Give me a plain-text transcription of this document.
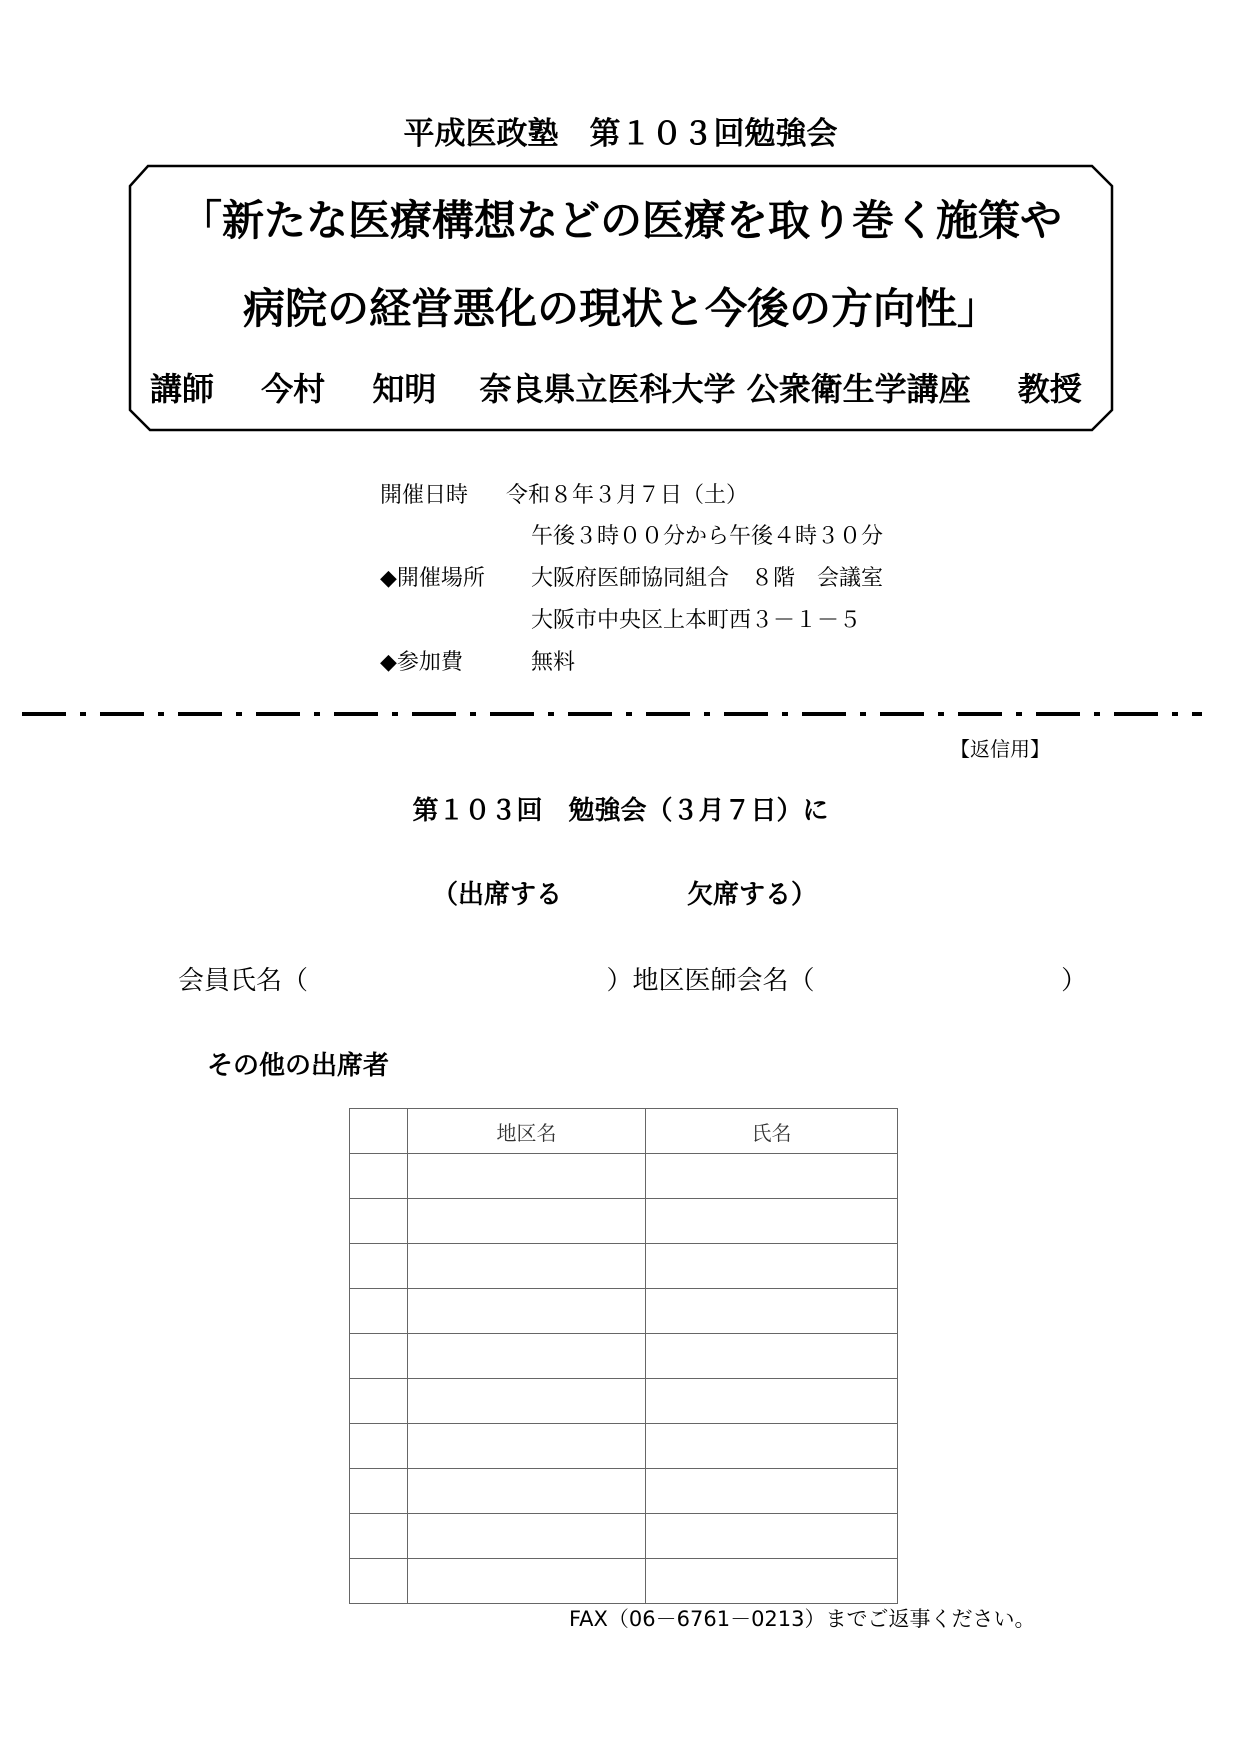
平成医政塾　第１０３回勉強会
「新たな医療構想などの医療を取り巻く施策や
病院の経営悪化の現状と今後の方向性」
講師 今村 知明 奈良県立医科大学 公衆衛生学講座 教授
開催日時 令和８年３月７日（土）
午後３時００分から午後４時３０分
◆開催場所 大阪府医師協同組合　８階　会議室
大阪市中央区上本町西３－１－５
◆参加費	無料
【返信用】
第１０３回　勉強会（３月７日）に
（出席する	欠席する）
会員氏名（	）地区医師会名（	）
その他の出席者
	地区名	氏名

FAX（06－6761－0213）までご返事ください。
